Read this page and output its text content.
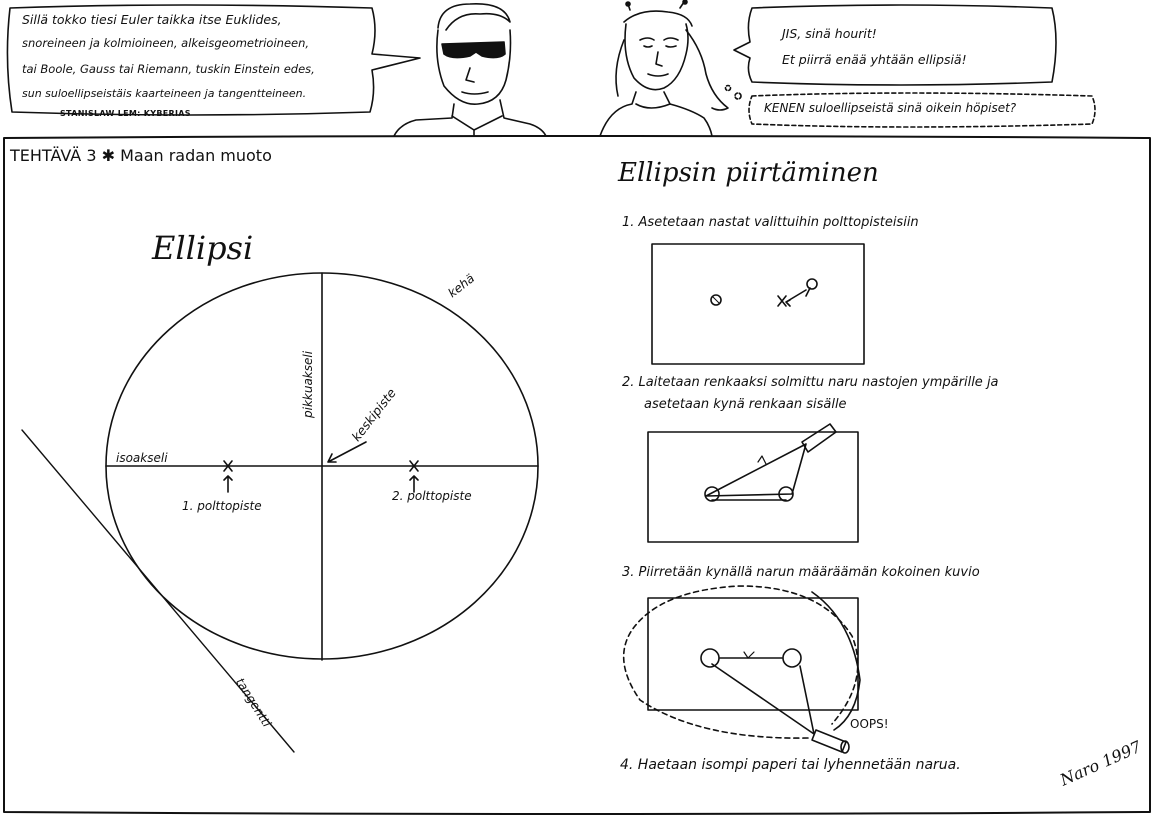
Sillä tokko tiesi Euler taikka itse Euklides,
snoreineen ja kolmioineen, alkeisgeometrioineen,
tai Boole, Gauss tai Riemann, tuskin Einstein edes,
sun suloellipseistäis kaarteineen ja tangentteineen.
STANISLAW LEM: KYBERIAS
JIS, sinä hourit!
Et piirrä enää yhtään ellipsiä!
KENEN suloellipseistä sinä oikein höpiset?
TEHTÄVÄ 3 ✱ Maan radan muoto
Ellipsi
kehä
pikkuakseli	keskipiste
isoakseli
1. polttopiste
2. polttopiste
tangentti
Ellipsin piirtäminen
1. Asetetaan nastat valittuihin polttopisteisiin
2. Laitetaan renkaaksi solmittu naru nastojen ympärille ja
asetetaan kynä renkaan sisälle
3. Piirretään kynällä narun määräämän kokoinen kuvio
4. Haetaan isompi paperi tai lyhennetään narua.
OOPS!
Naro 1997
